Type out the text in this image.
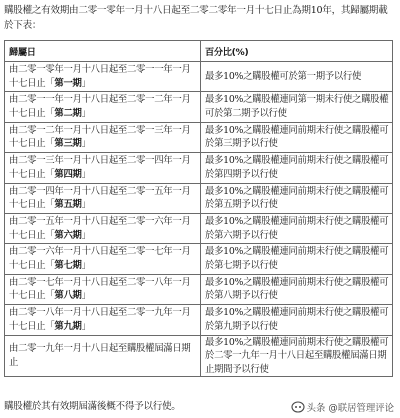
購股權之有效期由二零一零年一月十八日起至二零二零年一月十七日止為期10年，其歸屬期載於下表：

歸屬日	百分比(%)
由二零一零年一月十八日起至二零一一年一月十七日止「第一期」	最多10%之購股權可於第一期予以行使
由二零一一年一月十八日起至二零一二年一月十七日止「第二期」	最多10%之購股權連同第一期未行使之購股權可於第二期予以行使
由二零一二年一月十八日起至二零一三年一月十七日止「第三期」	最多10%之購股權連同前期未行使之購股權可於第三期予以行使
由二零一三年一月十八日起至二零一四年一月十七日止「第四期」	最多10%之購股權連同前期未行使之購股權可於第四期予以行使
由二零一四年一月十八日起至二零一五年一月十七日止「第五期」	最多10%之購股權連同前期未行使之購股權可於第五期予以行使
由二零一五年一月十八日起至二零一六年一月十七日止「第六期」	最多10%之購股權連同前期未行使之購股權可於第六期予以行使
由二零一六年一月十八日起至二零一七年一月十七日止「第七期」	最多10%之購股權連同前期未行使之購股權可於第七期予以行使
由二零一七年一月十八日起至二零一八年一月十七日止「第八期」	最多10%之購股權連同前期未行使之購股權可於第八期予以行使
由二零一八年一月十八日起至二零一九年一月十七日止「第九期」	最多10%之購股權連同前期未行使之購股權可於第九期予以行使
由二零一九年一月十八日起至購股權屆滿日期止	最多10%之購股權連同前期未行使之購股權可於二零一九年一月十八日起至購股權屆滿日期止期間予以行使

購股權於其有效期屆滿後概不得予以行使。	头条 @联居管理评论
